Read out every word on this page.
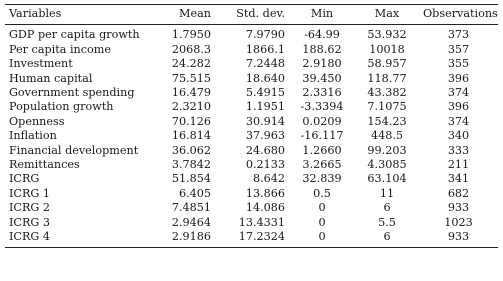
Variables	Mean	Std. dev.	Min	Max	Observations
GDP per capita growth	1.7950	7.9790	-64.99	53.932	373
Per capita income	2068.3	1866.1	188.62	10018	357
Investment	24.282	7.2448	2.9180	58.957	355
Human capital	75.515	18.640	39.450	118.77	396
Government spending	16.479	5.4915	2.3316	43.382	374
Population growth	2.3210	1.1951	-3.3394	7.1075	396
Openness	70.126	30.914	0.0209	154.23	374
Inflation	16.814	37.963	-16.117	448.5	340
Financial development	36.062	24.680	1.2660	99.203	333
Remittances	3.7842	0.2133	3.2665	4.3085	211
ICRG	51.854	8.642	32.839	63.104	341
ICRG 1	6.405	13.866	0.5	11	682
ICRG 2	7.4851	14.086	0	6	933
ICRG 3	2.9464	13.4331	0	5.5	1023
ICRG 4	2.9186	17.2324	0	6	933
